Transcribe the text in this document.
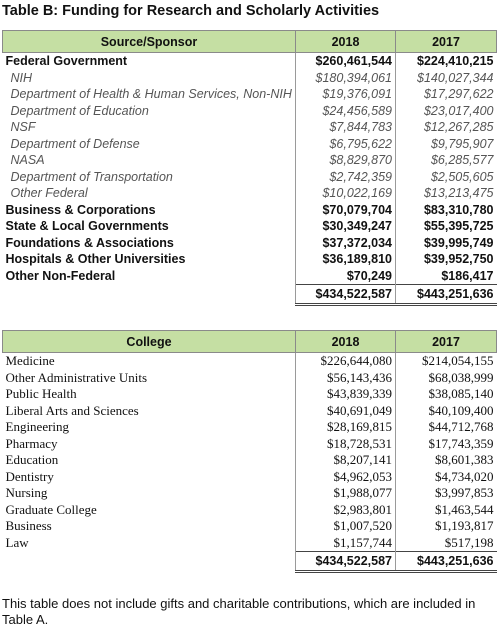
Table B: Funding for Research and Scholarly Activities
Source/Sponsor	2018	2017
Federal Government	$260,461,544	$224,410,215
NIH	$180,394,061	$140,027,344
Department of Health & Human Services, Non-NIH	$19,376,091	$17,297,622
Department of Education	$24,456,589	$23,017,400
NSF	$7,844,783	$12,267,285
Department of Defense	$6,795,622	$9,795,907
NASA	$8,829,870	$6,285,577
Department of Transportation	$2,742,359	$2,505,605
Other Federal	$10,022,169	$13,213,475
Business & Corporations	$70,079,704	$83,310,780
State & Local Governments	$30,349,247	$55,395,725
Foundations & Associations	$37,372,034	$39,995,749
Hospitals & Other Universities	$36,189,810	$39,952,750
Other Non-Federal	$70,249	$186,417
	$434,522,587	$443,251,636
College	2018	2017
Medicine	$226,644,080	$214,054,155
Other Administrative Units	$56,143,436	$68,038,999
Public Health	$43,839,339	$38,085,140
Liberal Arts and Sciences	$40,691,049	$40,109,400
Engineering	$28,169,815	$44,712,768
Pharmacy	$18,728,531	$17,743,359
Education	$8,207,141	$8,601,383
Dentistry	$4,962,053	$4,734,020
Nursing	$1,988,077	$3,997,853
Graduate College	$2,983,801	$1,463,544
Business	$1,007,520	$1,193,817
Law	$1,157,744	$517,198
	$434,522,587	$443,251,636
This table does not include gifts and charitable contributions, which are included in Table A.
